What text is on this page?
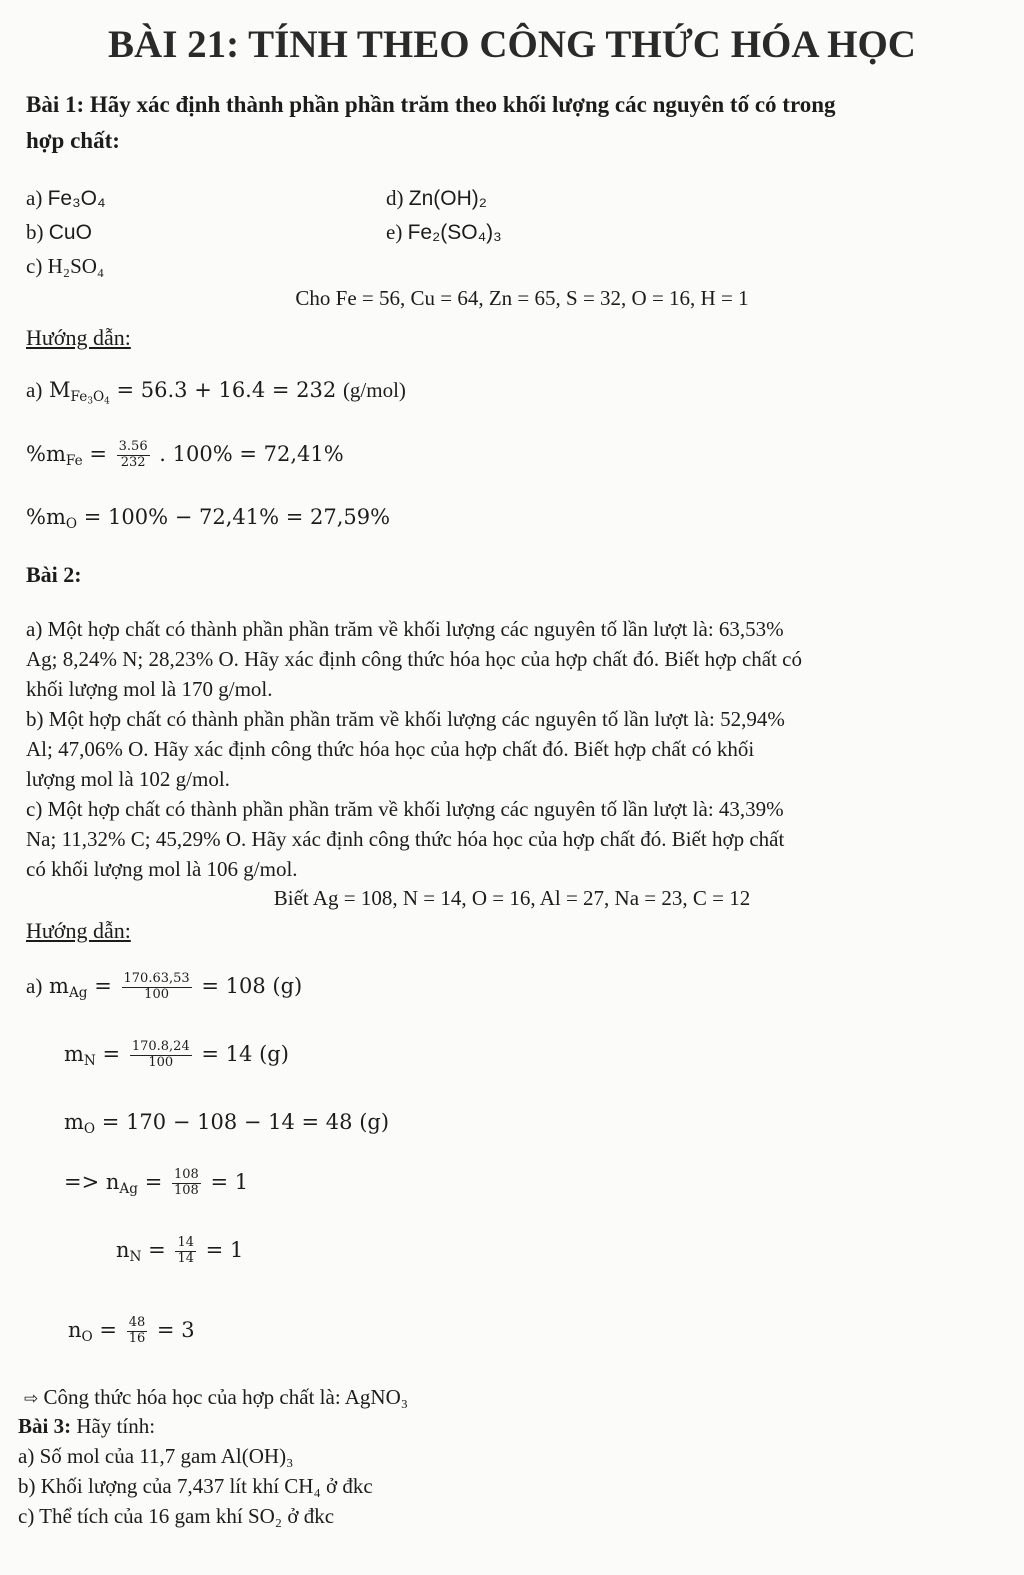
BÀI 21: TÍNH THEO CÔNG THỨC HÓA HỌC
Bài 1: Hãy xác định thành phần phần trăm theo khối lượng các nguyên tố có trong
hợp chất:
a) Fe₃O₄	d) Zn(OH)₂
b) CuO	e) Fe₂(SO₄)₃
c) H₂SO₄
Cho Fe = 56, Cu = 64, Zn = 65, S = 32, O = 16, H = 1
Hướng dẫn:
a) $M_{Fe_3O_4} = 56.3 + 16.4 = 232$ (g/mol)
$\%m_{Fe} = \frac{3.56}{232}$ . 100% = 72,41%
$\%m_O = 100\% - 72,41\% = 27,59\%$
Bài 2:
a) Một hợp chất có thành phần phần trăm về khối lượng các nguyên tố lần lượt là: 63,53%
Ag; 8,24% N; 28,23% O. Hãy xác định công thức hóa học của hợp chất đó. Biết hợp chất có
khối lượng mol là 170 g/mol.
b) Một hợp chất có thành phần phần trăm về khối lượng các nguyên tố lần lượt là: 52,94%
Al; 47,06% O. Hãy xác định công thức hóa học của hợp chất đó. Biết hợp chất có khối
lượng mol là 102 g/mol.
c) Một hợp chất có thành phần phần trăm về khối lượng các nguyên tố lần lượt là: 43,39%
Na; 11,32% C; 45,29% O. Hãy xác định công thức hóa học của hợp chất đó. Biết hợp chất
có khối lượng mol là 106 g/mol.
Biết Ag = 108, N = 14, O = 16, Al = 27, Na = 23, C = 12
Hướng dẫn:
a) $m_{Ag} = \frac{170.63,53}{100} = 108$ (g)
$m_N = \frac{170.8,24}{100} = 14$ (g)
$m_O = 170 - 108 - 14 = 48$ (g)
=> $n_{Ag} = \frac{108}{108} = 1$
$n_N = \frac{14}{14} = 1$
$n_O = \frac{48}{16} = 3$
⇨ Công thức hóa học của hợp chất là: AgNO₃
Bài 3: Hãy tính:
a) Số mol của 11,7 gam Al(OH)₃
b) Khối lượng của 7,437 lít khí CH₄ ở đkc
c) Thể tích của 16 gam khí SO₂ ở đkc
